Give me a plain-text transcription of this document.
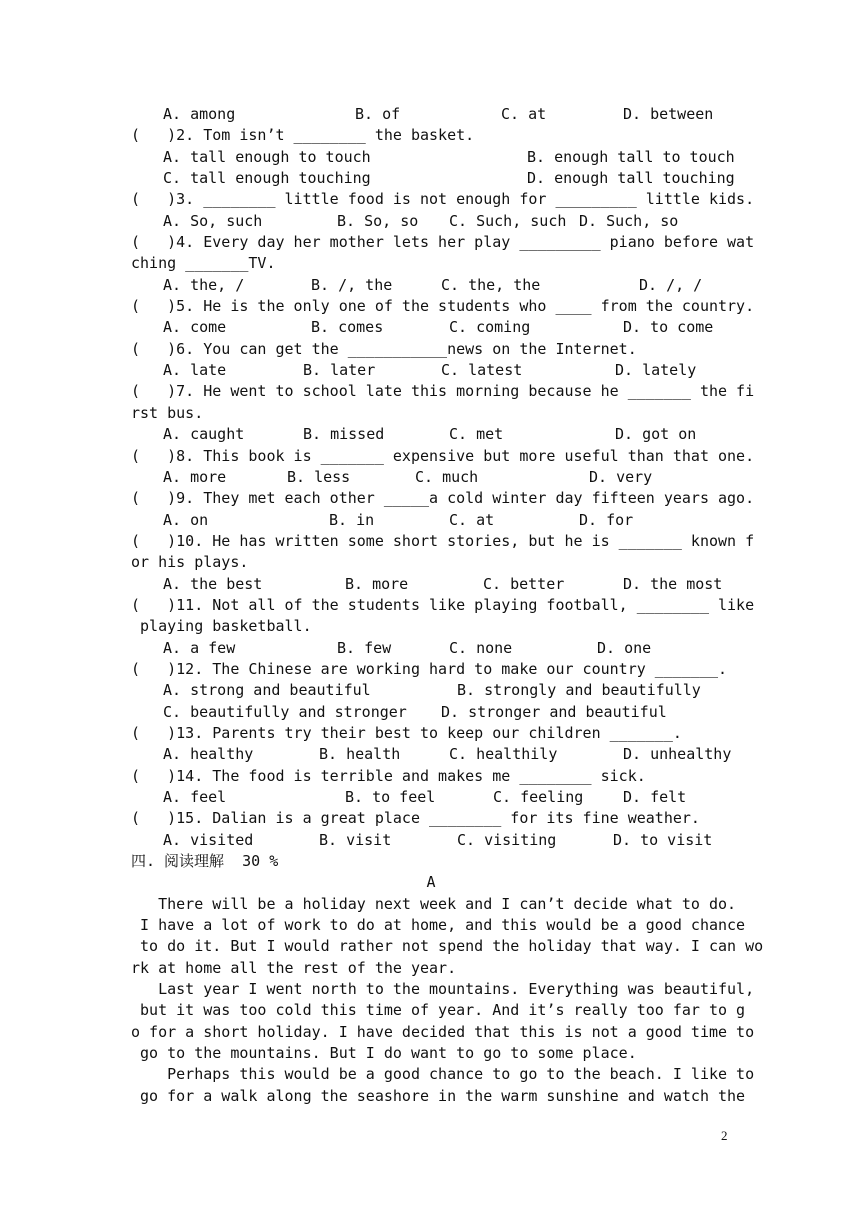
A. among

	B. of

	C. at

	D. between

(   )2. Tom isn’t ________ the basket.

A. tall enough to touch

	B. enough tall to touch

C. tall enough touching

	D. enough tall touching

(   )3. ________ little food is not enough for _________ little kids.

A. So, such

	B. So, so

C. Such, such

D. Such, so

(   )4. Every day her mother lets her play _________ piano before wat
ching _______TV.

A. the, /

	B. /, the

	C. the, the

	D. /, /

(   )5. He is the only one of the students who ____ from the country.

A. come

	B. comes

	C. coming

	D. to come

(   )6. You can get the ___________news on the Internet.

A. late

	B. later

	C. latest

	D. lately

(   )7. He went to school late this morning because he _______ the fi
rst bus.

A. caught

	B. missed

	C. met

	D. got on

(   )8. This book is _______ expensive but more useful than that one.

A. more

	B. less

	C. much

	D. very

(   )9. They met each other _____a cold winter day fifteen years ago.

A. on

	B. in

	C. at

	D. for

(   )10. He has written some short stories, but he is _______ known f
or his plays.

A. the best

	B. more

	C. better

	D. the most

(   )11. Not all of the students like playing football, ________ like
playing basketball.

A. a few

	B. few

	C. none

	D. one

(   )12. The Chinese are working hard to make our country _______.

A. strong and beautiful

	B. strongly and beautifully

C. beautifully and stronger

D. stronger and beautiful

(   )13. Parents try their best to keep our children _______.

A. healthy

	B. health

	C. healthily

	D. unhealthy

(   )14. The food is terrible and makes me ________ sick.

A. feel

	B. to feel

	C. feeling

	D. felt

(   )15. Dalian is a great place ________ for its fine weather.

A. visited

	B. visit

	C. visiting

	D. to visit

四. 阅读理解  30 %
A
There will be a holiday next week and I can’t decide what to do.
I have a lot of work to do at home, and this would be a good chance
to do it. But I would rather not spend the holiday that way. I can wo
rk at home all the rest of the year.
Last year I went north to the mountains. Everything was beautiful,
but it was too cold this time of year. And it’s really too far to g
o for a short holiday. I have decided that this is not a good time to
go to the mountains. But I do want to go to some place.
Perhaps this would be a good chance to go to the beach. I like to
go for a walk along the seashore in the warm sunshine and watch the
2
